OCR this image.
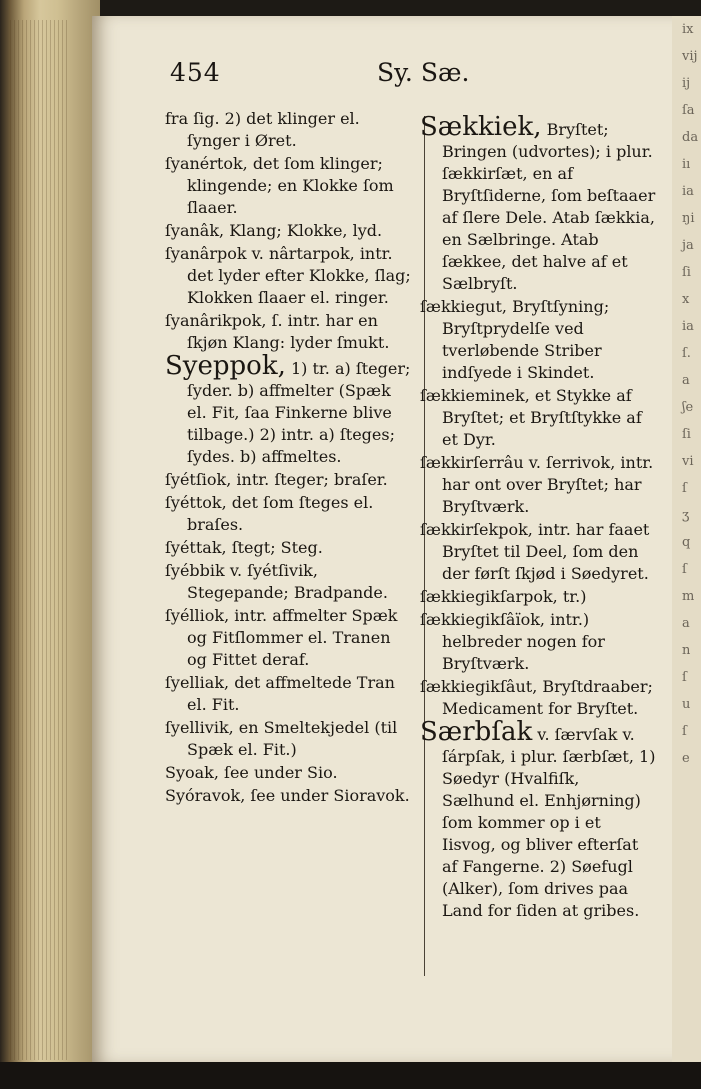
ix
vij
ij
ſa
da
iı
ia
ŋi
ja
ſi
x
ia
ſ.
a
ʃe
ſi
vi
ſ
ʒ
q
ſ
m
a
n
ſ
u
ſ
e
454	Sy. Sæ.
fra ſig. 2) det klinger el. ſynger i Øret.
ſyanértok, det ſom klinger; klingende; en Klokke ſom ſlaaer.
ſyanâk, Klang; Klokke, lyd.
ſyanârpok v. nârtarpok, intr. det lyder efter Klokke, ſlag; Klokken ſlaaer el. ringer.
ſyanârikpok, ſ. intr. har en ſkjøn Klang: lyder ſmukt.
Syeppok, 1) tr. a) ſteger; ſyder. b) affmelter (Spæk el. Fit, ſaa Finkerne blive tilbage.) 2) intr. a) ſteges; ſydes. b) affmeltes.
ſyétſiok, intr. ſteger; braſer.
ſyéttok, det ſom ſteges el. braſes.
ſyéttak, ſtegt; Steg.
ſyébbik v. ſyétſivik, Stegepande; Bradpande.
ſyélliok, intr. affmelter Spæk og Fitſlommer el. Tranen og Fittet deraf.
ſyelliak, det affmeltede Tran el. Fit.
ſyellivik, en Smeltekjedel (til Spæk el. Fit.)
Syoak, ſee under Sio.
Syóravok, ſee under Sioravok.
Sækkiek, Bryſtet; Bringen (udvortes); i plur. ſækkirſæt, en af Bryſtſiderne, ſom beſtaaer af ſlere Dele. Atab ſækkia, en Sælbringe. Atab ſækkee, det halve af et Sælbryſt.
ſækkiegut, Bryſtſyning; Bryſtprydelſe ved tverløbende Striber indſyede i Skindet.
ſækkieminek, et Stykke af Bryſtet; et Bryſtſtykke af et Dyr.
ſækkirſerrâu v. ſerrivok, intr. har ont over Bryſtet; har Bryſtværk.
ſækkirſekpok, intr. har faaet Bryſtet til Deel, ſom den der førſt ſkjød i Søedyret.
ſækkiegikſarpok, tr.)
ſækkiegikſâïok, intr.) helbreder nogen for Bryſtværk.
ſækkiegikſâut, Bryſtdraaber; Medicament for Bryſtet.
Særbſak v. ſærvſak v. ſárpſak, i plur. ſærbſæt, 1) Søedyr (Hvalfiſk, Sælhund el. Enhjørning) ſom kommer op i et Iisvog, og bliver efterſat af Fangerne. 2) Søefugl (Alker), ſom drives paa Land for ſiden at gribes.
